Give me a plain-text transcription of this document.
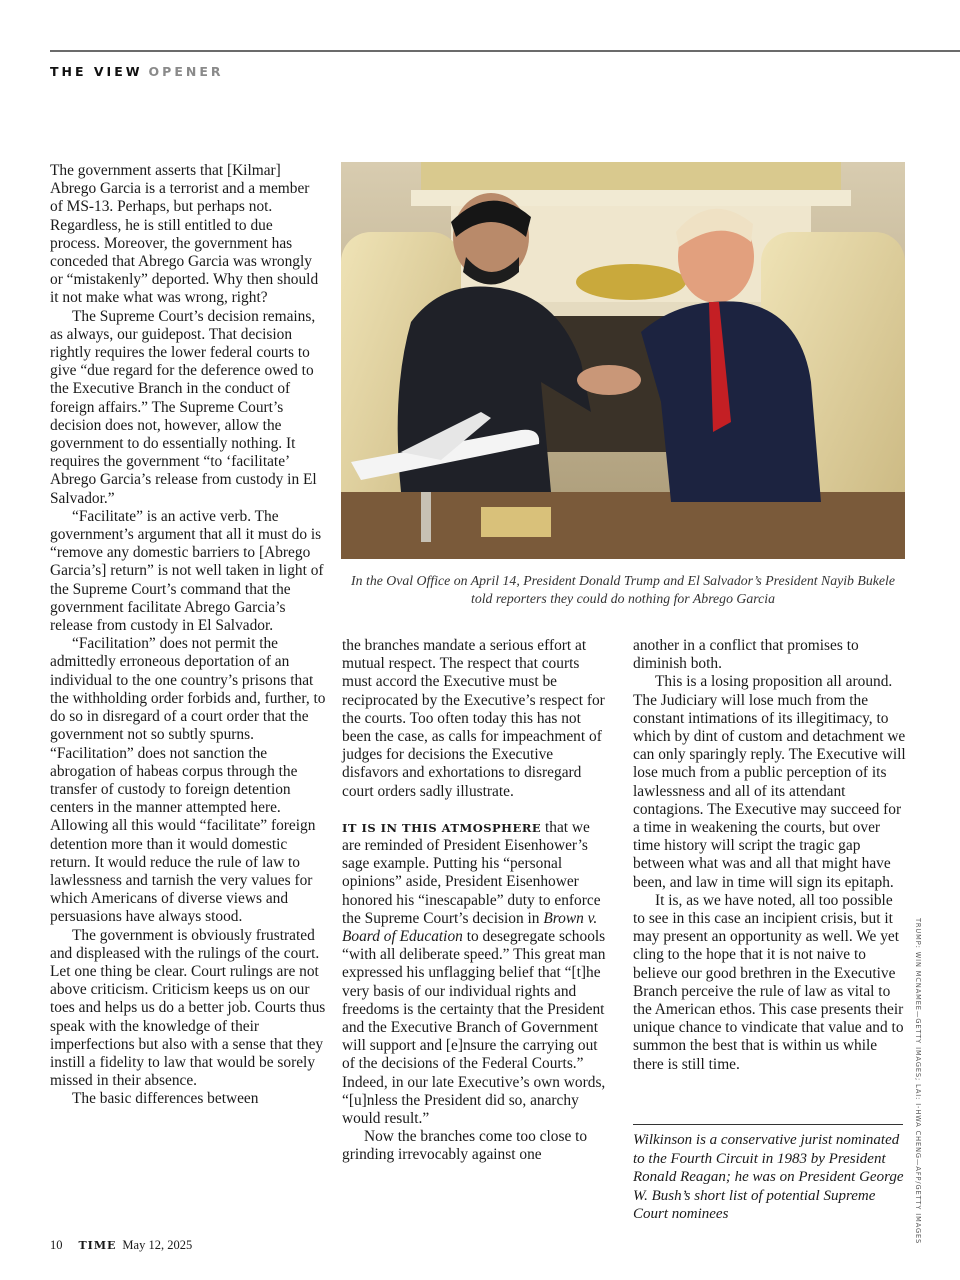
THE VIEW OPENER

The government asserts that [Kilmar] Abrego Garcia is a terrorist and a member of MS-13. Perhaps, but perhaps not. Regardless, he is still entitled to due process. Moreover, the government has conceded that Abrego Garcia was wrongly or “mistakenly” deported. Why then should it not make what was wrong, right?

The Supreme Court’s decision remains, as always, our guidepost. That decision rightly requires the lower federal courts to give “due regard for the deference owed to the Executive Branch in the conduct of foreign affairs.” The Supreme Court’s decision does not, however, allow the government to do essentially nothing. It requires the government “to ‘facilitate’ Abrego Garcia’s release from custody in El Salvador.”

“Facilitate” is an active verb. The government’s argument that all it must do is “remove any domestic barriers to [Abrego Garcia’s] return” is not well taken in light of the Supreme Court’s command that the government facilitate Abrego Garcia’s release from custody in El Salvador.

“Facilitation” does not permit the admittedly erroneous deportation of an individual to the one country’s prisons that the withholding order forbids and, further, to do so in disregard of a court order that the government not so subtly spurns. “Facilitation” does not sanction the abrogation of habeas corpus through the transfer of custody to foreign detention centers in the manner attempted here. Allowing all this would “facilitate” foreign detention more than it would domestic return. It would reduce the rule of law to lawlessness and tarnish the very values for which Americans of diverse views and persuasions have always stood.

The government is obviously frustrated and displeased with the rulings of the court. Let one thing be clear. Court rulings are not above criticism. Criticism keeps us on our toes and helps us do a better job. Courts thus speak with the knowledge of their imperfections but also with a sense that they instill a fidelity to law that would be sorely missed in their absence.

The basic differences between

In the Oval Office on April 14, President Donald Trump and El Salvador’s President Nayib Bukele told reporters they could do nothing for Abrego Garcia

the branches mandate a serious effort at mutual respect. The respect that courts must accord the Executive must be reciprocated by the Executive’s respect for the courts. Too often today this has not been the case, as calls for impeachment of judges for decisions the Executive disfavors and exhortations to disregard court orders sadly illustrate.

IT IS IN THIS ATMOSPHERE that we are reminded of President Eisenhower’s sage example. Putting his “personal opinions” aside, President Eisenhower honored his “inescapable” duty to enforce the Supreme Court’s decision in Brown v. Board of Education to desegregate schools “with all deliberate speed.” This great man expressed his unflagging belief that “[t]he very basis of our individual rights and freedoms is the certainty that the President and the Executive Branch of Government will support and [e]nsure the carrying out of the decisions of the Federal Courts.” Indeed, in our late Executive’s own words, “[u]nless the President did so, anarchy would result.”

Now the branches come too close to grinding irrevocably against one

another in a conflict that promises to diminish both.

This is a losing proposition all around. The Judiciary will lose much from the constant intimations of its illegitimacy, to which by dint of custom and detachment we can only sparingly reply. The Executive will lose much from a public perception of its lawlessness and all of its attendant contagions. The Executive may succeed for a time in weakening the courts, but over time history will script the tragic gap between what was and all that might have been, and law in time will sign its epitaph.

It is, as we have noted, all too possible to see in this case an incipient crisis, but it may present an opportunity as well. We yet cling to the hope that it is not naive to believe our good brethren in the Executive Branch perceive the rule of law as vital to the American ethos. This case presents their unique chance to vindicate that value and to summon the best that is within us while there is still time.

Wilkinson is a conservative jurist nominated to the Fourth Circuit in 1983 by President Ronald Reagan; he was on President George W. Bush’s short list of potential Supreme Court nominees	TRUMP: WIN MCNAMEE—GETTY IMAGES; LAI: I-HWA CHENG—AFP/GETTY IMAGES
10 TIME May 12, 2025
